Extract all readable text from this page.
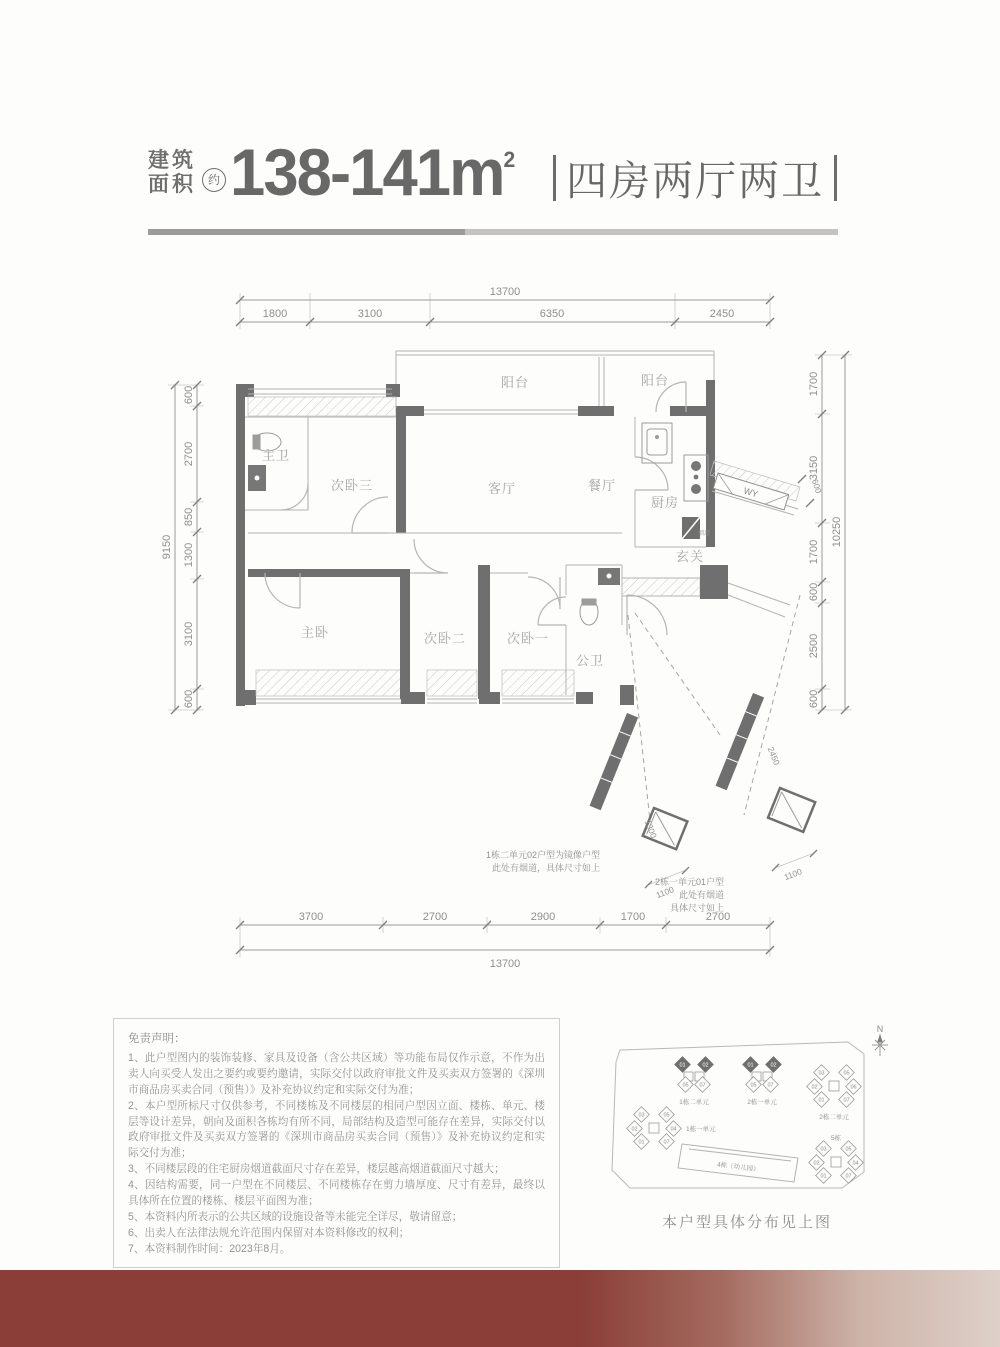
建筑
面积 约 $138-141m^2$ 四房两厅两卫
13700
1800	3100	6350	2450
3700	2700	2900	1700	2700
13700
9150
600
2700
850
1300
3100
600
1700
3150
1700
600
2500
600
10250
阳台	阳台
烟道
WY	600
1300
1100
2450
1100
1栋二单元02户型为镜像户型
此处有烟道，具体尺寸如上
2栋一单元01户型
此处有烟道
具体尺寸如上
主卫
次卧三	客厅	餐厅
厨房
玄关
主卧	次卧二	次卧一
公卫
免责声明：
1、此户型图内的装饰装修、家具及设备（含公共区域）等功能布局仅作示意，不作为出卖人向买受人发出之要约或要约邀请，实际交付以政府审批文件及买卖双方签署的《深圳市商品房买卖合同（预售）》及补充协议约定和实际交付为准；
2、本户型所标尺寸仅供参考，不同楼栋及不同楼层的相同户型因立面、楼栋、单元、楼层等设计差异，朝向及面积各栋均有所不同，局部结构及造型可能存在差异，实际交付以政府审批文件及买卖双方签署的《深圳市商品房买卖合同（预售）》及补充协议约定和实际交付为准；
3、不同楼层段的住宅厨房烟道截面尺寸存在差异，楼层越高烟道截面尺寸越大；
4、因结构需要，同一户型在不同楼层、不同楼栋存在剪力墙厚度、尺寸有差异，最终以具体所在位置的楼栋、楼层平面图为准；
5、本资料内所表示的公共区域的设施设备等未能完全详尽，敬请留意；
6、出卖人在法律法规允许范围内保留对本资料修改的权利；
7、本资料制作时间：2023年8月。
N
01	02
05 07
1栋二单元
01	02
05 07
2栋一单元
03	05
02	06
01	07
2栋二单元
03	05
02	04
01	07
1栋一单元
5栋
03	05
02	04
01	07
4栋（幼儿园）
本户型具体分布见上图
